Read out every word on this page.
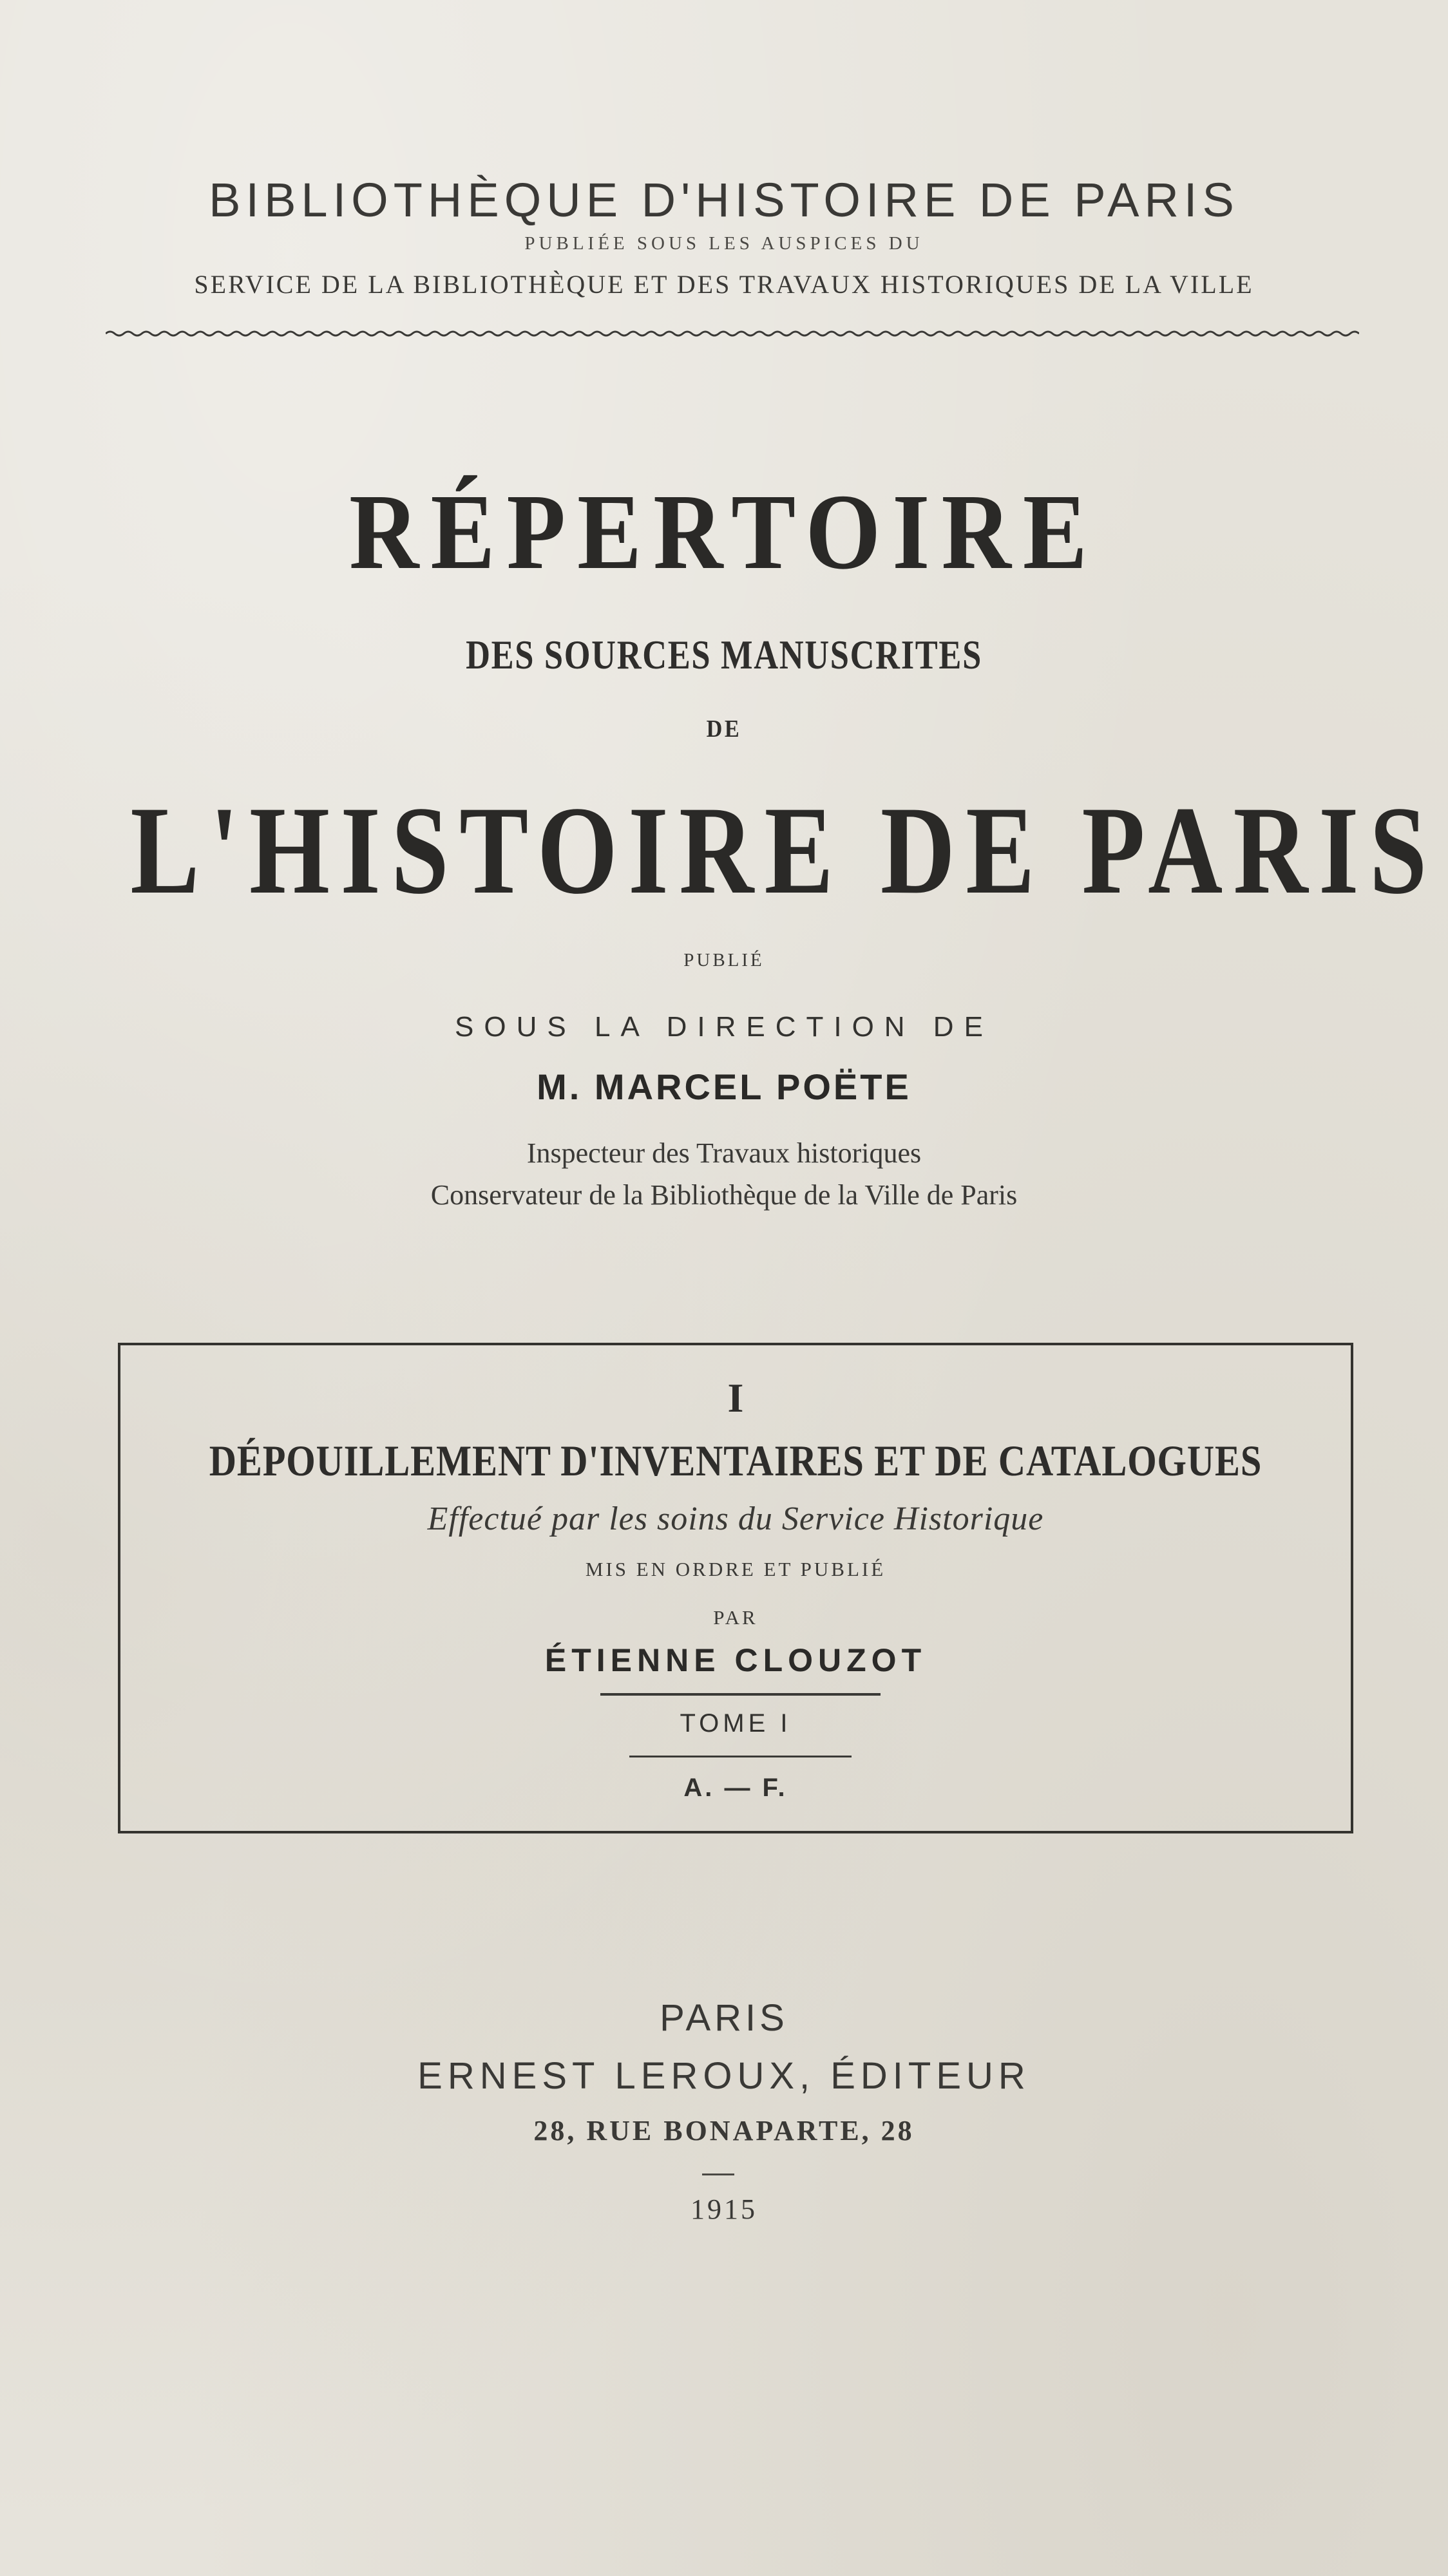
BIBLIOTHÈQUE D'HISTOIRE DE PARIS

PUBLIÉE SOUS LES AUSPICES DU

SERVICE DE LA BIBLIOTHÈQUE ET DES TRAVAUX HISTORIQUES DE LA VILLE

RÉPERTOIRE

DES SOURCES MANUSCRITES

DE

L'HISTOIRE DE PARIS

PUBLIÉ

SOUS LA DIRECTION DE

M. MARCEL POËTE

Inspecteur des Travaux historiques

Conservateur de la Bibliothèque de la Ville de Paris

I

DÉPOUILLEMENT D'INVENTAIRES ET DE CATALOGUES

Effectué par les soins du Service Historique

MIS EN ORDRE ET PUBLIÉ

PAR

ÉTIENNE CLOUZOT

TOME I

A. — F.

PARIS

ERNEST LEROUX, ÉDITEUR

28, RUE BONAPARTE, 28

1915
